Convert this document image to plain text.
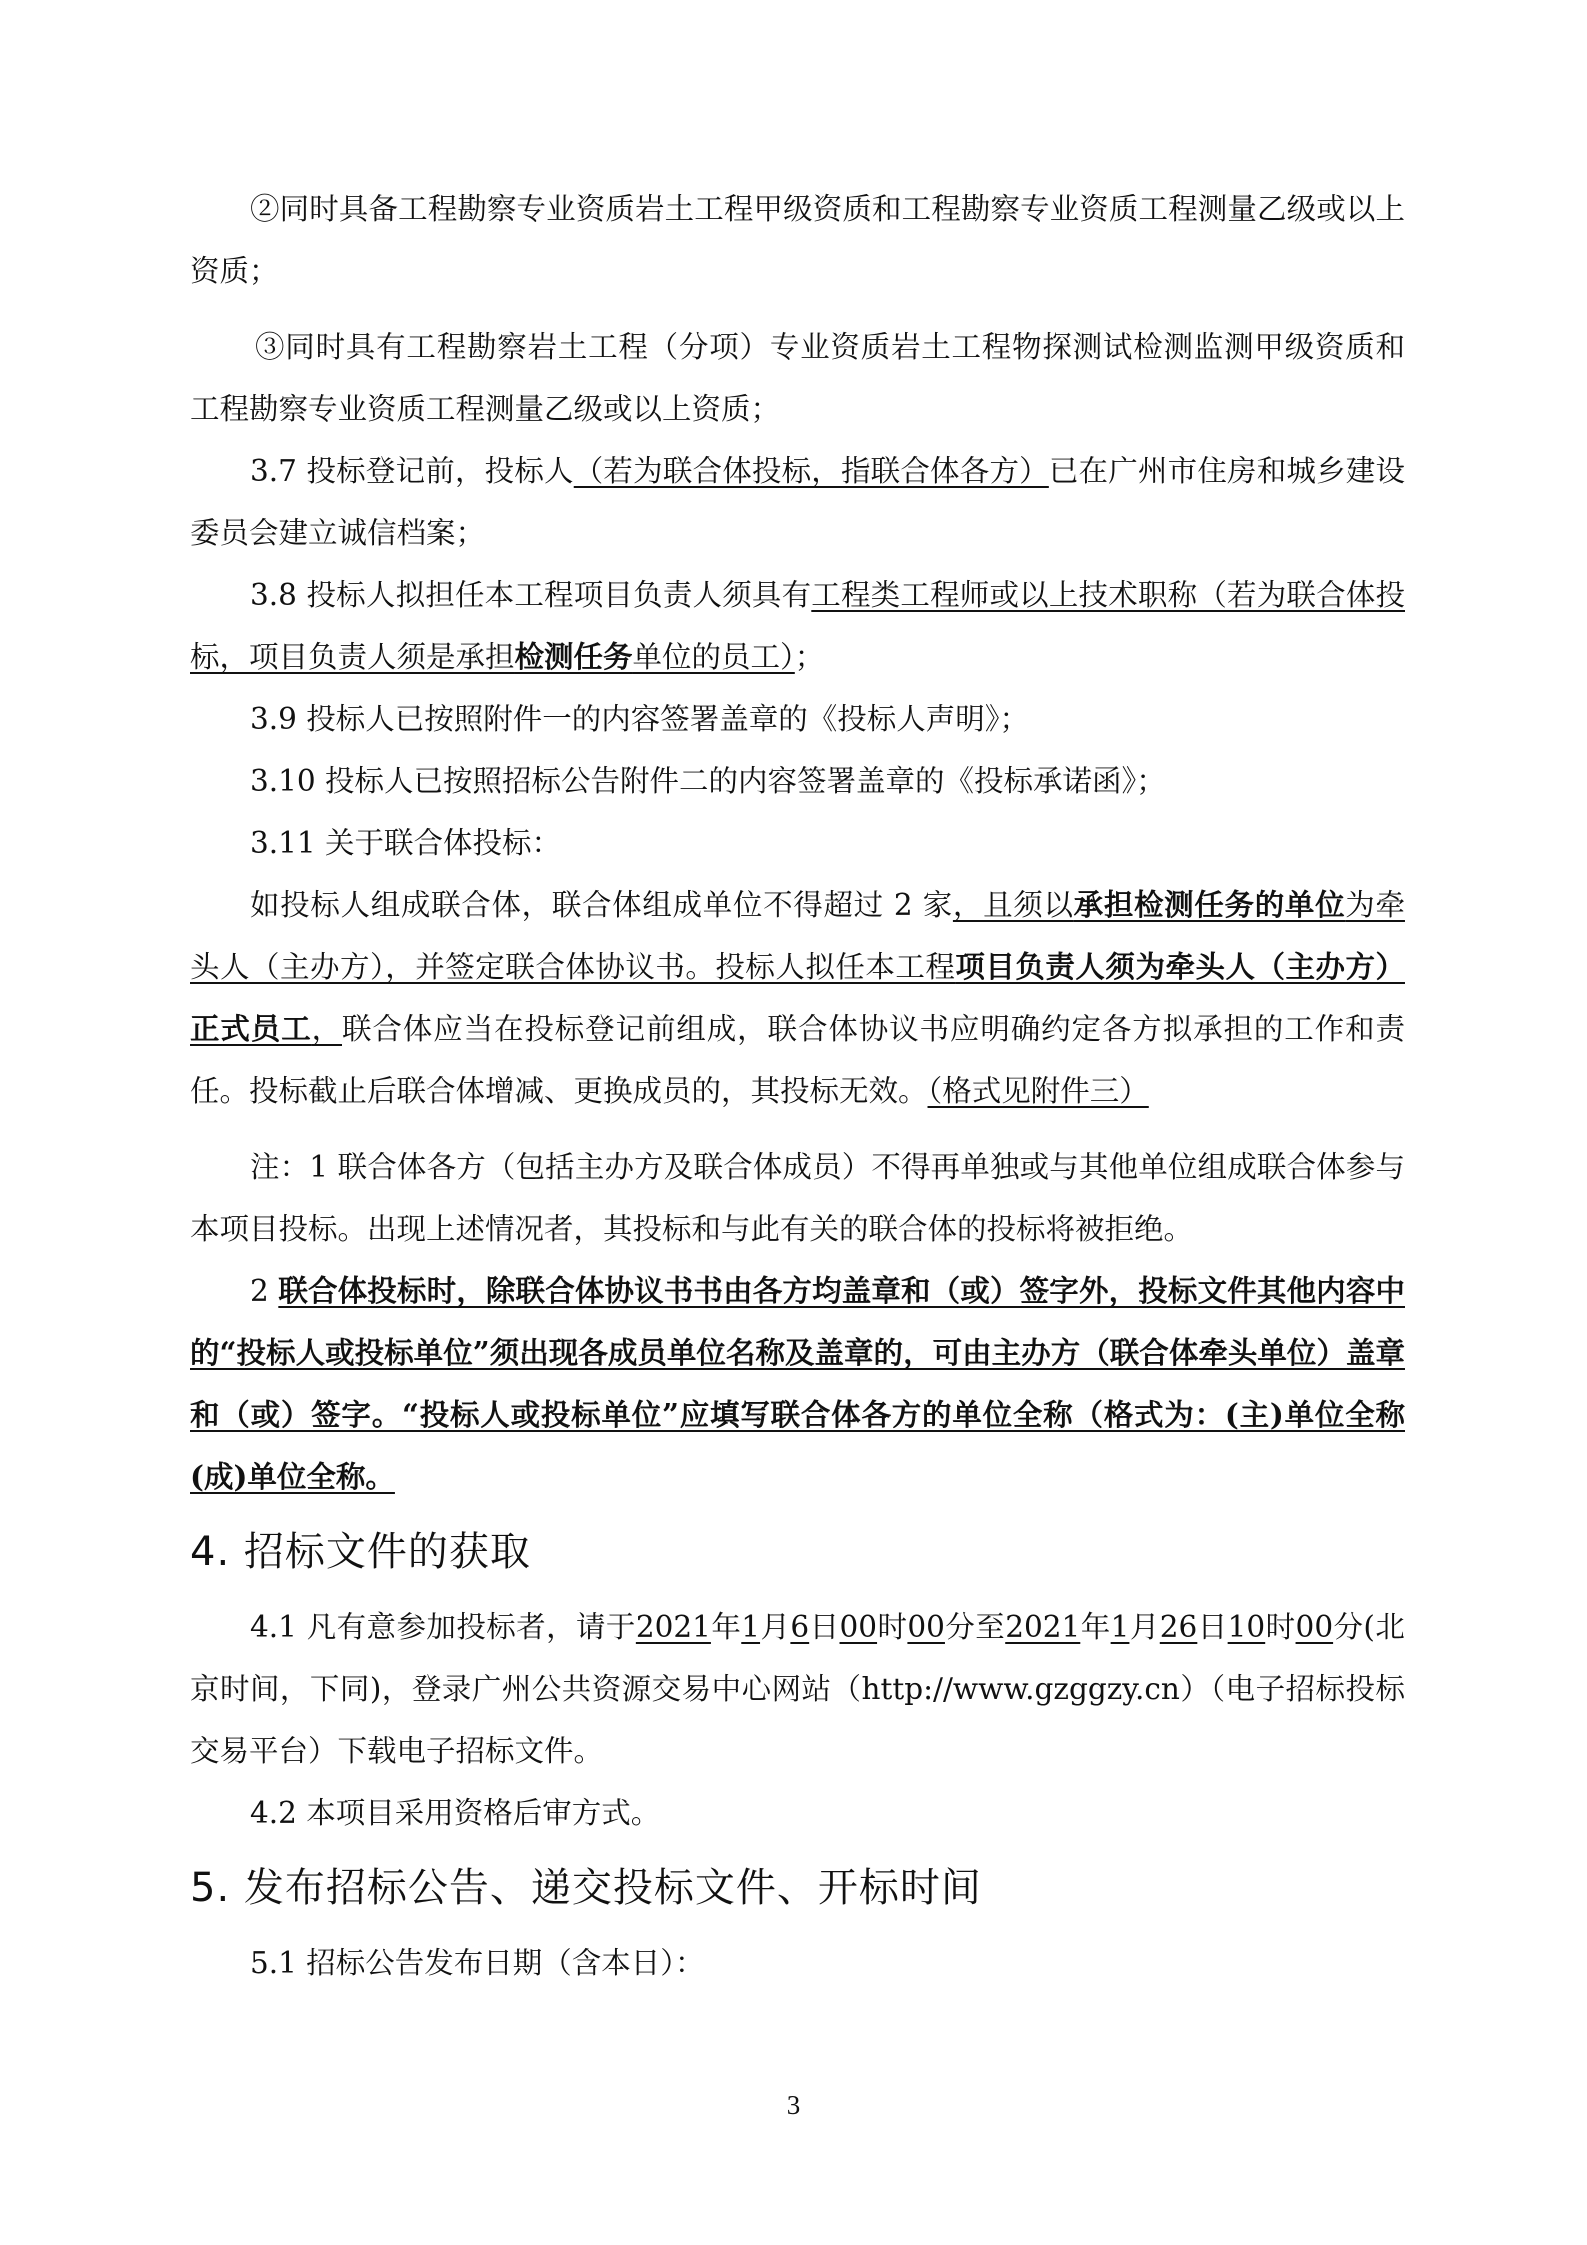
②同时具备工程勘察专业资质岩土工程甲级资质和工程勘察专业资质工程测量乙级或以上资质；

③同时具有工程勘察岩土工程（分项）专业资质岩土工程物探测试检测监测甲级资质和工程勘察专业资质工程测量乙级或以上资质；

3.7 投标登记前，投标人（若为联合体投标，指联合体各方）已在广州市住房和城乡建设委员会建立诚信档案；

3.8 投标人拟担任本工程项目负责人须具有工程类工程师或以上技术职称（若为联合体投标，项目负责人须是承担检测任务单位的员工）；

3.9 投标人已按照附件一的内容签署盖章的《投标人声明》；

3.10 投标人已按照招标公告附件二的内容签署盖章的《投标承诺函》；

3.11 关于联合体投标：

如投标人组成联合体，联合体组成单位不得超过 2 家，且须以承担检测任务的单位为牵头人（主办方），并签定联合体协议书。投标人拟任本工程项目负责人须为牵头人（主办方）正式员工，联合体应当在投标登记前组成，联合体协议书应明确约定各方拟承担的工作和责任。投标截止后联合体增减、更换成员的，其投标无效。（格式见附件三）

注：1 联合体各方（包括主办方及联合体成员）不得再单独或与其他单位组成联合体参与本项目投标。出现上述情况者，其投标和与此有关的联合体的投标将被拒绝。

2 联合体投标时，除联合体协议书书由各方均盖章和（或）签字外，投标文件其他内容中的“投标人或投标单位”须出现各成员单位名称及盖章的，可由主办方（联合体牵头单位）盖章和（或）签字。“投标人或投标单位”应填写联合体各方的单位全称（格式为：(主)单位全称(成)单位全称。

4. 招标文件的获取

4.1 凡有意参加投标者，请于2021年1月6日00时00分至2021年1月26日10时00分(北京时间，下同)，登录广州公共资源交易中心网站（http://www.gzggzy.cn）（电子招标投标交易平台）下载电子招标文件。

4.2 本项目采用资格后审方式。

5. 发布招标公告、递交投标文件、开标时间

5.1 招标公告发布日期（含本日）：

3
